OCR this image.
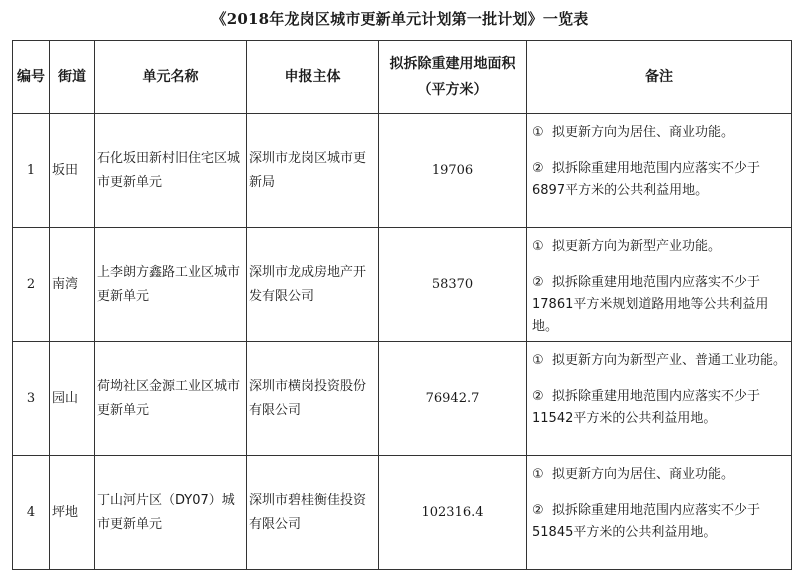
《2018年龙岗区城市更新单元计划第一批计划》一览表
编号	街道	单元名称	申报主体	拟拆除重建用地面积
（平方米）	备注
1	坂田	石化坂田新村旧住宅区城市更新单元	深圳市龙岗区城市更新局	19706	① 拟更新方向为居住、商业功能。
② 拟拆除重建用地范围内应落实不少于6897平方米的公共利益用地。

2	南湾	上李朗方鑫路工业区城市更新单元	深圳市龙成房地产开发有限公司	58370	① 拟更新方向为新型产业功能。
② 拟拆除重建用地范围内应落实不少于17861平方米规划道路用地等公共利益用地。

3	园山	荷坳社区金源工业区城市更新单元	深圳市横岗投资股份有限公司	76942.7	① 拟更新方向为新型产业、普通工业功能。
② 拟拆除重建用地范围内应落实不少于11542平方米的公共利益用地。

4	坪地	丁山河片区（DY07）城市更新单元	深圳市碧桂衡佳投资有限公司	102316.4	① 拟更新方向为居住、商业功能。
② 拟拆除重建用地范围内应落实不少于51845平方米的公共利益用地。
